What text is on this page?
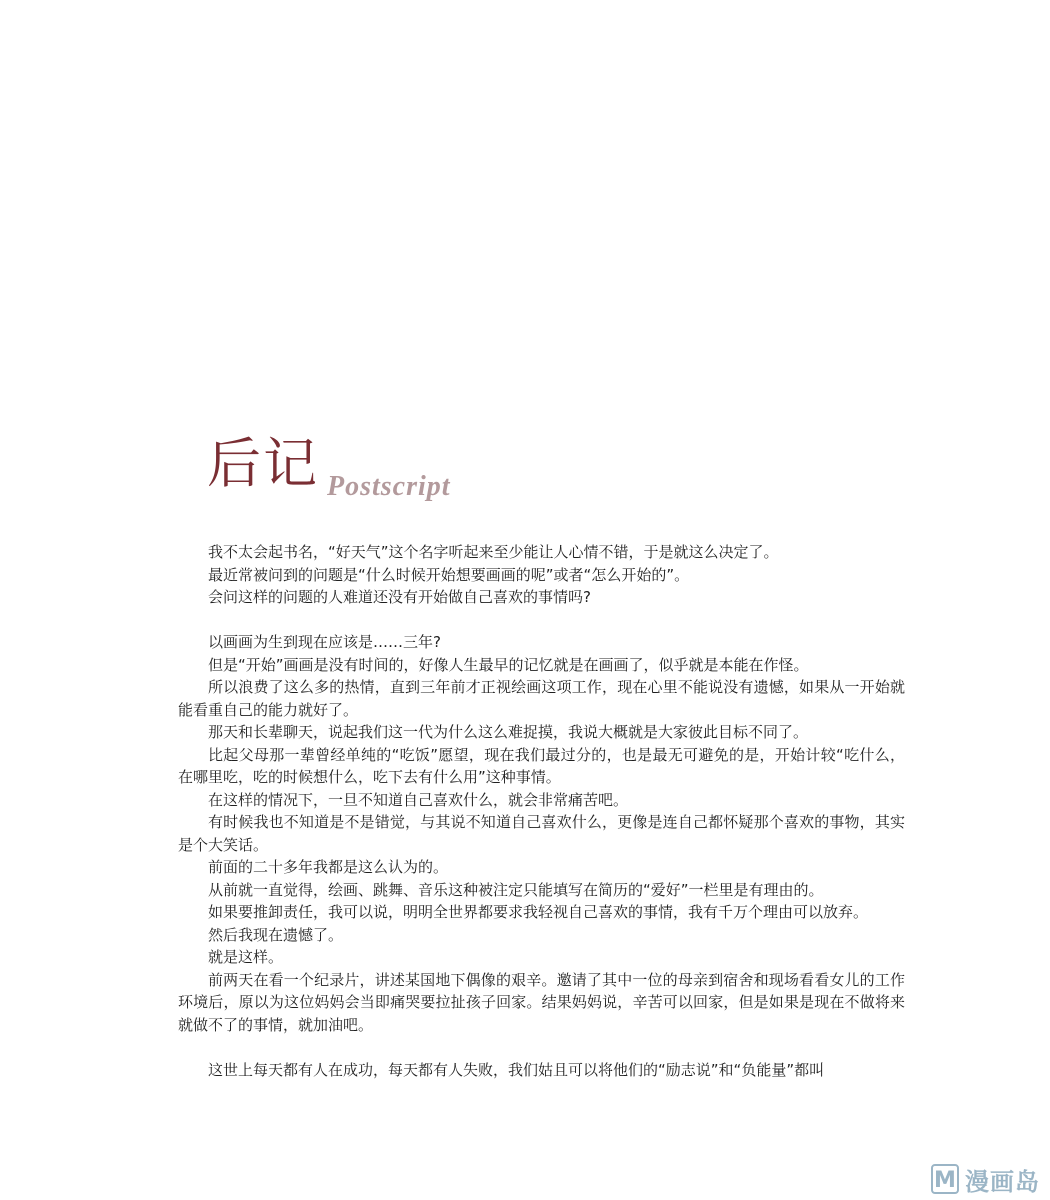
后记 Postscript

我不太会起书名，“好天气”这个名字听起来至少能让人心情不错，于是就这么决定了。

最近常被问到的问题是“什么时候开始想要画画的呢”或者“怎么开始的”。

会问这样的问题的人难道还没有开始做自己喜欢的事情吗?

以画画为生到现在应该是……三年?

但是“开始”画画是没有时间的，好像人生最早的记忆就是在画画了，似乎就是本能在作怪。

所以浪费了这么多的热情，直到三年前才正视绘画这项工作，现在心里不能说没有遗憾，如果从一开始就能看重自己的能力就好了。

那天和长辈聊天，说起我们这一代为什么这么难捉摸，我说大概就是大家彼此目标不同了。

比起父母那一辈曾经单纯的“吃饭”愿望，现在我们最过分的，也是最无可避免的是，开始计较“吃什么，在哪里吃，吃的时候想什么，吃下去有什么用”这种事情。

在这样的情况下，一旦不知道自己喜欢什么，就会非常痛苦吧。

有时候我也不知道是不是错觉，与其说不知道自己喜欢什么，更像是连自己都怀疑那个喜欢的事物，其实是个大笑话。

前面的二十多年我都是这么认为的。

从前就一直觉得，绘画、跳舞、音乐这种被注定只能填写在简历的“爱好”一栏里是有理由的。

如果要推卸责任，我可以说，明明全世界都要求我轻视自己喜欢的事情，我有千万个理由可以放弃。

然后我现在遗憾了。

就是这样。

前两天在看一个纪录片，讲述某国地下偶像的艰辛。邀请了其中一位的母亲到宿舍和现场看看女儿的工作环境后，原以为这位妈妈会当即痛哭要拉扯孩子回家。结果妈妈说，辛苦可以回家，但是如果是现在不做将来就做不了的事情，就加油吧。

这世上每天都有人在成功，每天都有人失败，我们姑且可以将他们的“励志说”和“负能量”都叫

M 漫画岛
